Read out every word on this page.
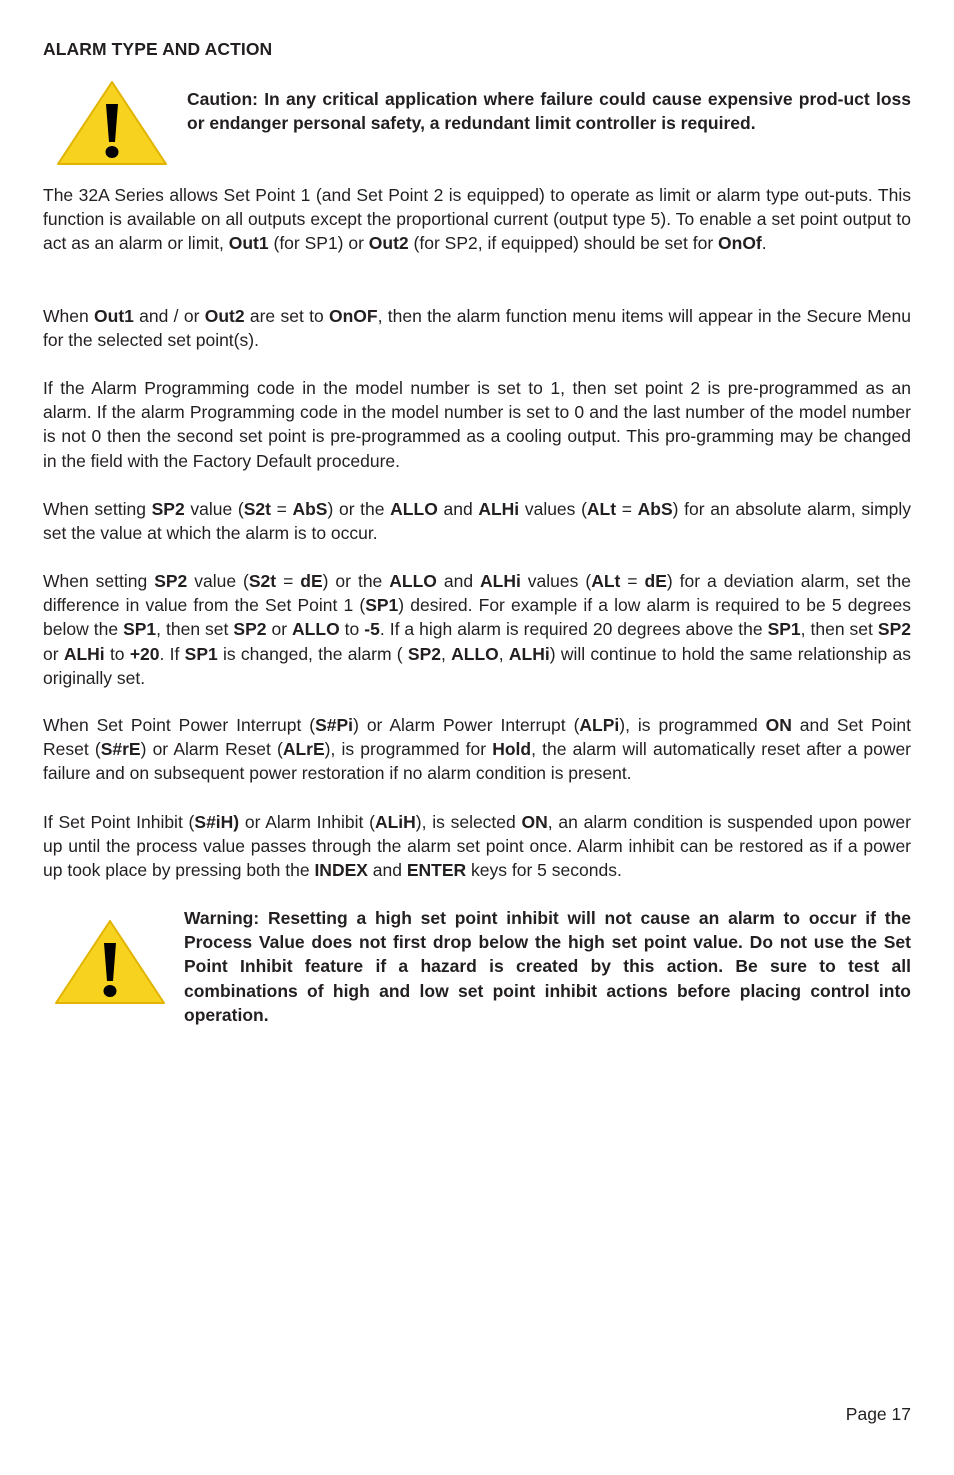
ALARM TYPE AND ACTION
Caution: In any critical application where failure could cause expensive prod-uct loss or endanger personal safety, a redundant limit controller is required.

The 32A Series allows Set Point 1 (and Set Point 2 is equipped) to operate as limit or alarm type out-puts. This function is available on all outputs except the proportional current (output type 5). To enable a set point output to act as an alarm or limit, Out1 (for SP1) or Out2 (for SP2, if equipped) should be set for OnOf.

When Out1 and / or Out2 are set to OnOF, then the alarm function menu items will appear in the Secure Menu for the selected set point(s).

If the Alarm Programming code in the model number is set to 1, then set point 2 is pre-programmed as an alarm. If the alarm Programming code in the model number is set to 0 and the last number of the model number is not 0 then the second set point is pre-programmed as a cooling output. This pro-gramming may be changed in the field with the Factory Default procedure.

When setting SP2 value (S2t = AbS) or the ALLO and ALHi values (ALt = AbS) for an absolute alarm, simply set the value at which the alarm is to occur.

When setting SP2 value (S2t = dE) or the ALLO and ALHi values (ALt = dE) for a deviation alarm, set the difference in value from the Set Point 1 (SP1) desired. For example if a low alarm is required to be 5 degrees below the SP1, then set SP2 or ALLO to -5. If a high alarm is required 20 degrees above the SP1, then set SP2 or ALHi to +20. If SP1 is changed, the alarm ( SP2, ALLO, ALHi) will continue to hold the same relationship as originally set.

When Set Point Power Interrupt (S#Pi) or Alarm Power Interrupt (ALPi), is programmed ON and Set Point Reset (S#rE) or Alarm Reset (ALrE), is programmed for Hold, the alarm will automatically reset after a power failure and on subsequent power restoration if no alarm condition is present.

If Set Point Inhibit (S#iH) or Alarm Inhibit (ALiH), is selected ON, an alarm condition is suspended upon power up until the process value passes through the alarm set point once. Alarm inhibit can be restored as if a power up took place by pressing both the INDEX and ENTER keys for 5 seconds.

Warning: Resetting a high set point inhibit will not cause an alarm to occur if the Process Value does not first drop below the high set point value. Do not use the Set Point Inhibit feature if a hazard is created by this action. Be sure to test all combinations of high and low set point inhibit actions before placing control into operation.
Page 17
